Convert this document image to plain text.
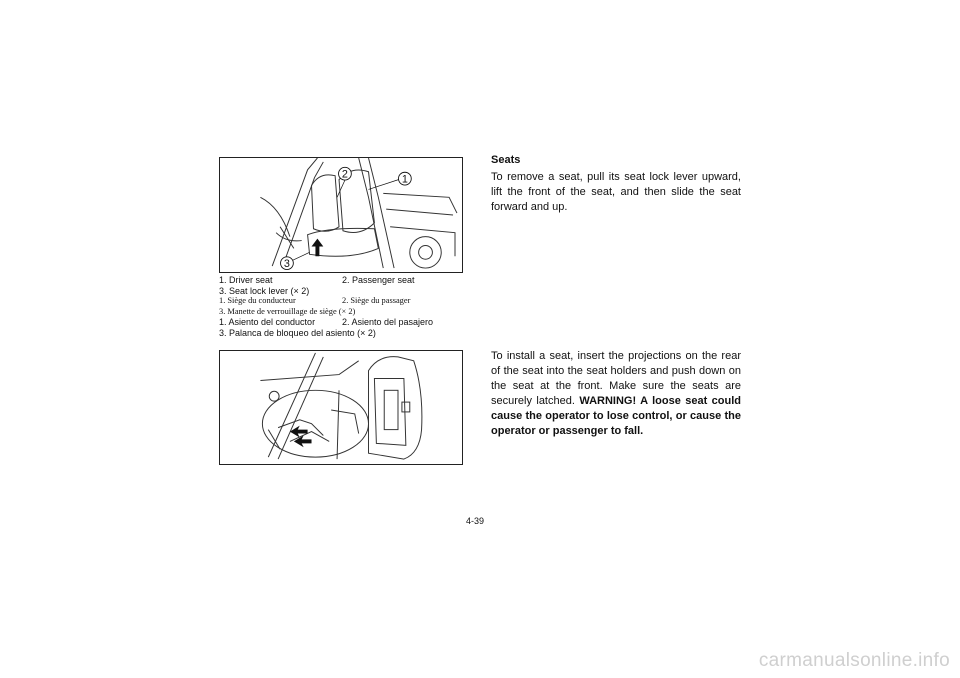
2	1
3
1. Driver seat	2. Passenger seat
3. Seat lock lever (× 2)
1. Siège du conducteur	2. Siège du passager
3. Manette de verrouillage de siège (× 2)
1. Asiento del conductor	2. Asiento del pasajero
3. Palanca de bloqueo del asiento (× 2)
Seats

To remove a seat, pull its seat lock lever upward, lift the front of the seat, and then slide the seat forward and up.

To install a seat, insert the projections on the rear of the seat into the seat holders and push down on the seat at the front. Make sure the seats are securely latched. WARNING! A loose seat could cause the operator to lose control, or cause the operator or passenger to fall.

4-39
carmanualsonline.info
